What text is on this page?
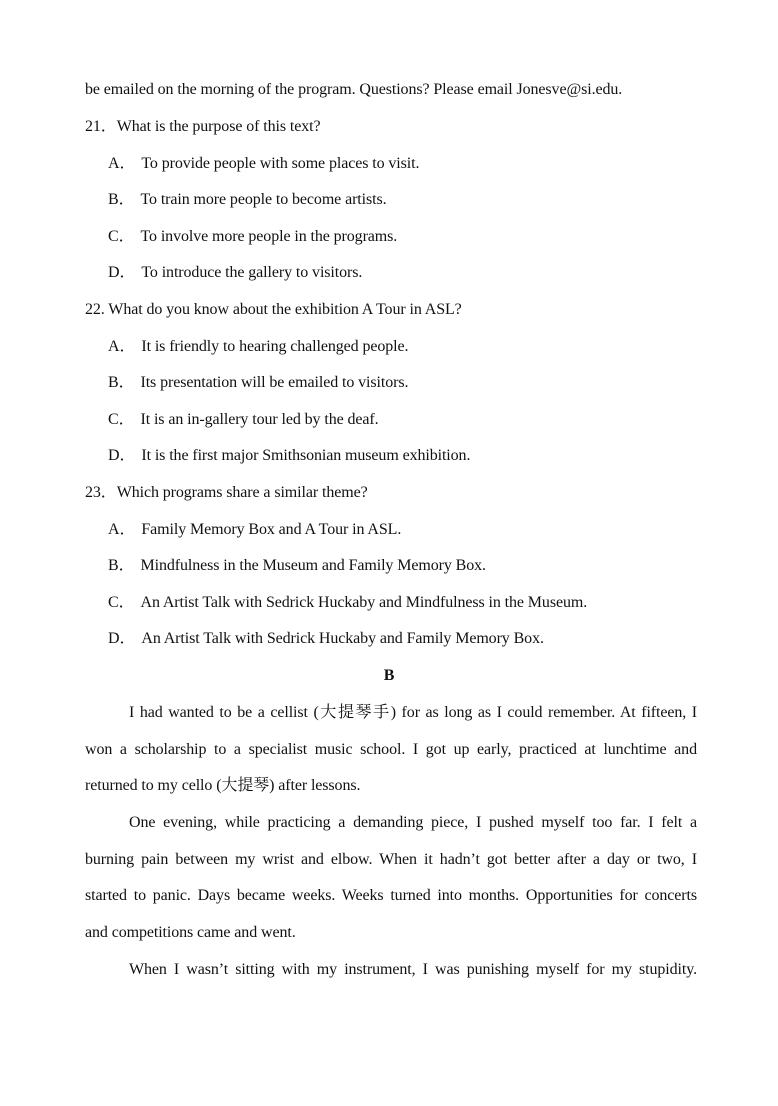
be emailed on the morning of the program. Questions? Please email Jonesve@si.edu.
21．What is the purpose of this text?
A． To provide people with some places to visit.
B． To train more people to become artists.
C． To involve more people in the programs.
D． To introduce the gallery to visitors.
22. What do you know about the exhibition A Tour in ASL?
A． It is friendly to hearing challenged people.
B． Its presentation will be emailed to visitors.
C． It is an in-gallery tour led by the deaf.
D． It is the first major Smithsonian museum exhibition.
23．Which programs share a similar theme?
A． Family Memory Box and A Tour in ASL.
B． Mindfulness in the Museum and Family Memory Box.
C． An Artist Talk with Sedrick Huckaby and Mindfulness in the Museum.
D． An Artist Talk with Sedrick Huckaby and Family Memory Box.
B
I had wanted to be a cellist (大提琴手) for as long as I could remember. At fifteen, I
won a scholarship to a specialist music school. I got up early, practiced at lunchtime and
returned to my cello (大提琴) after lessons.
One evening, while practicing a demanding piece, I pushed myself too far. I felt a
burning pain between my wrist and elbow. When it hadn’t got better after a day or two, I
started to panic. Days became weeks. Weeks turned into months. Opportunities for concerts
and competitions came and went.
When I wasn’t sitting with my instrument, I was punishing myself for my stupidity.
